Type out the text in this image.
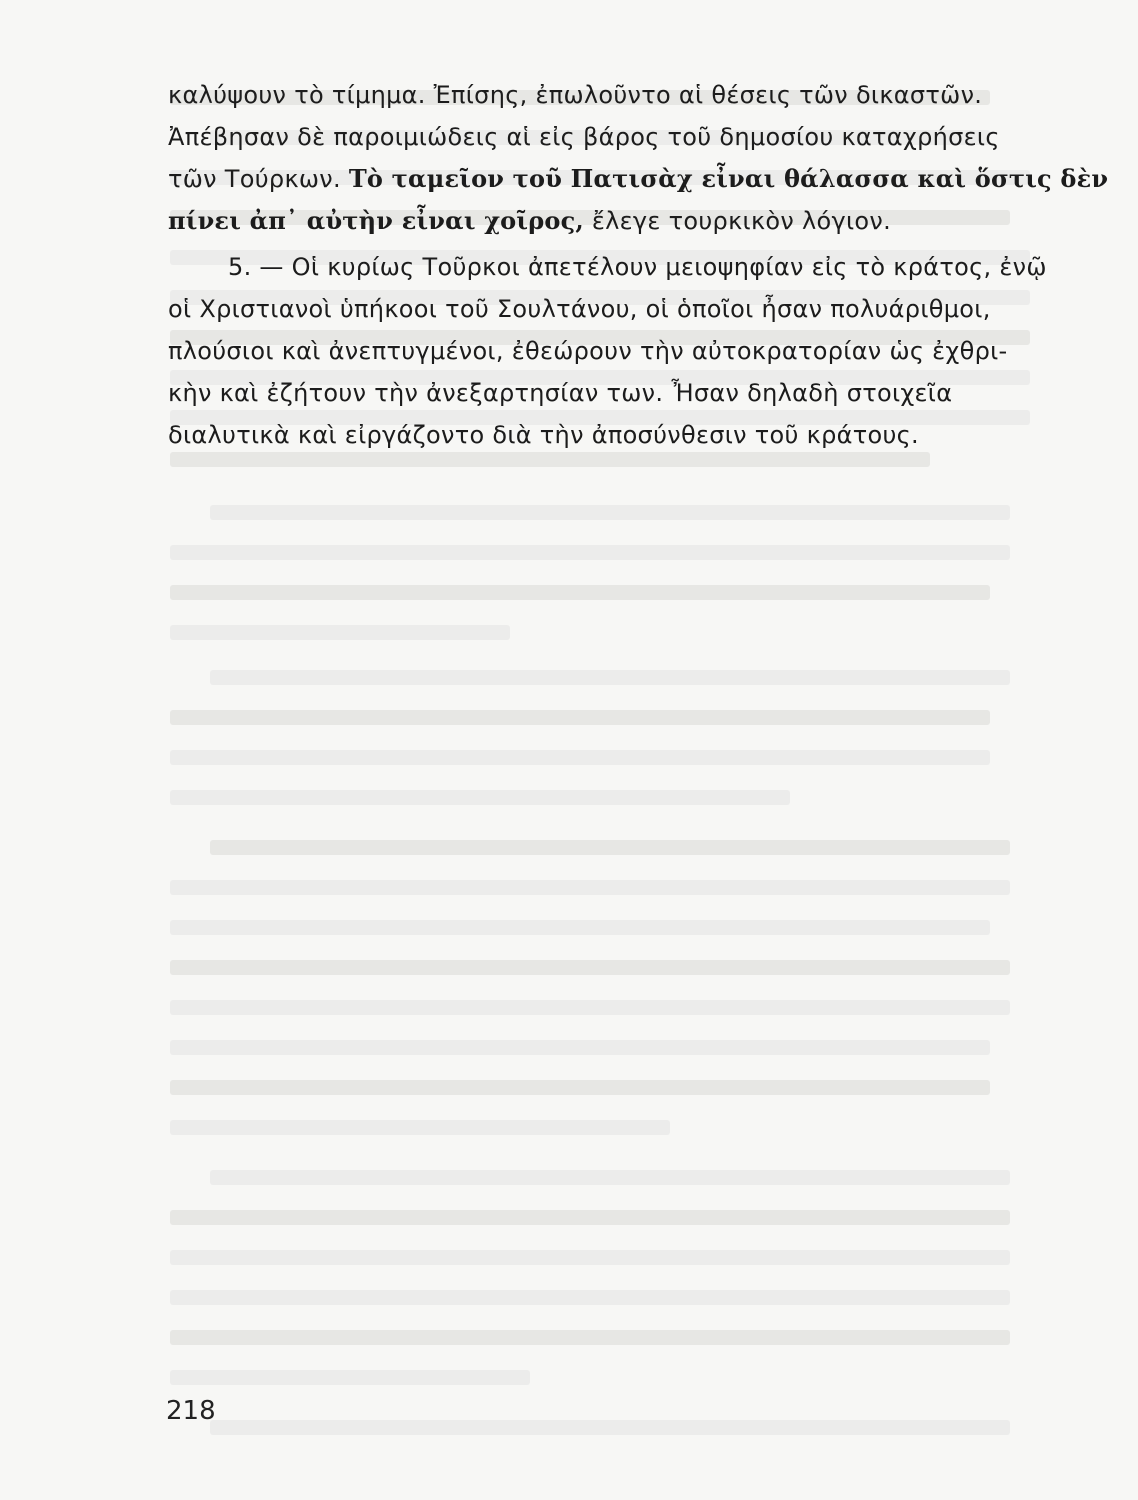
καλύψουν τὸ τίμημα. Ἐπίσης, ἐπωλοῦντο αἱ θέσεις τῶν δικαστῶν.
Ἀπέβησαν δὲ παροιμιώδεις αἱ εἰς βάρος τοῦ δημοσίου καταχρήσεις
τῶν Τούρκων. Τὸ ταμεῖον τοῦ Πατισὰχ εἶναι θάλασσα καὶ ὅστις δὲν
πίνει ἀπ᾽ αὐτὴν εἶναι χοῖρος, ἔλεγε τουρκικὸν λόγιον.
5. — Οἱ κυρίως Τοῦρκοι ἀπετέλουν μειοψηφίαν εἰς τὸ κράτος, ἐνῷ
οἱ Χριστιανοὶ ὑπήκοοι τοῦ Σουλτάνου, οἱ ὁποῖοι ἦσαν πολυάριθμοι,
πλούσιοι καὶ ἀνεπτυγμένοι, ἐθεώρουν τὴν αὐτοκρατορίαν ὡς ἐχθρι-
κὴν καὶ ἐζήτουν τὴν ἀνεξαρτησίαν των. Ἦσαν δηλαδὴ στοιχεῖα
διαλυτικὰ καὶ εἰργάζοντο διὰ τὴν ἀποσύνθεσιν τοῦ κράτους.
218
